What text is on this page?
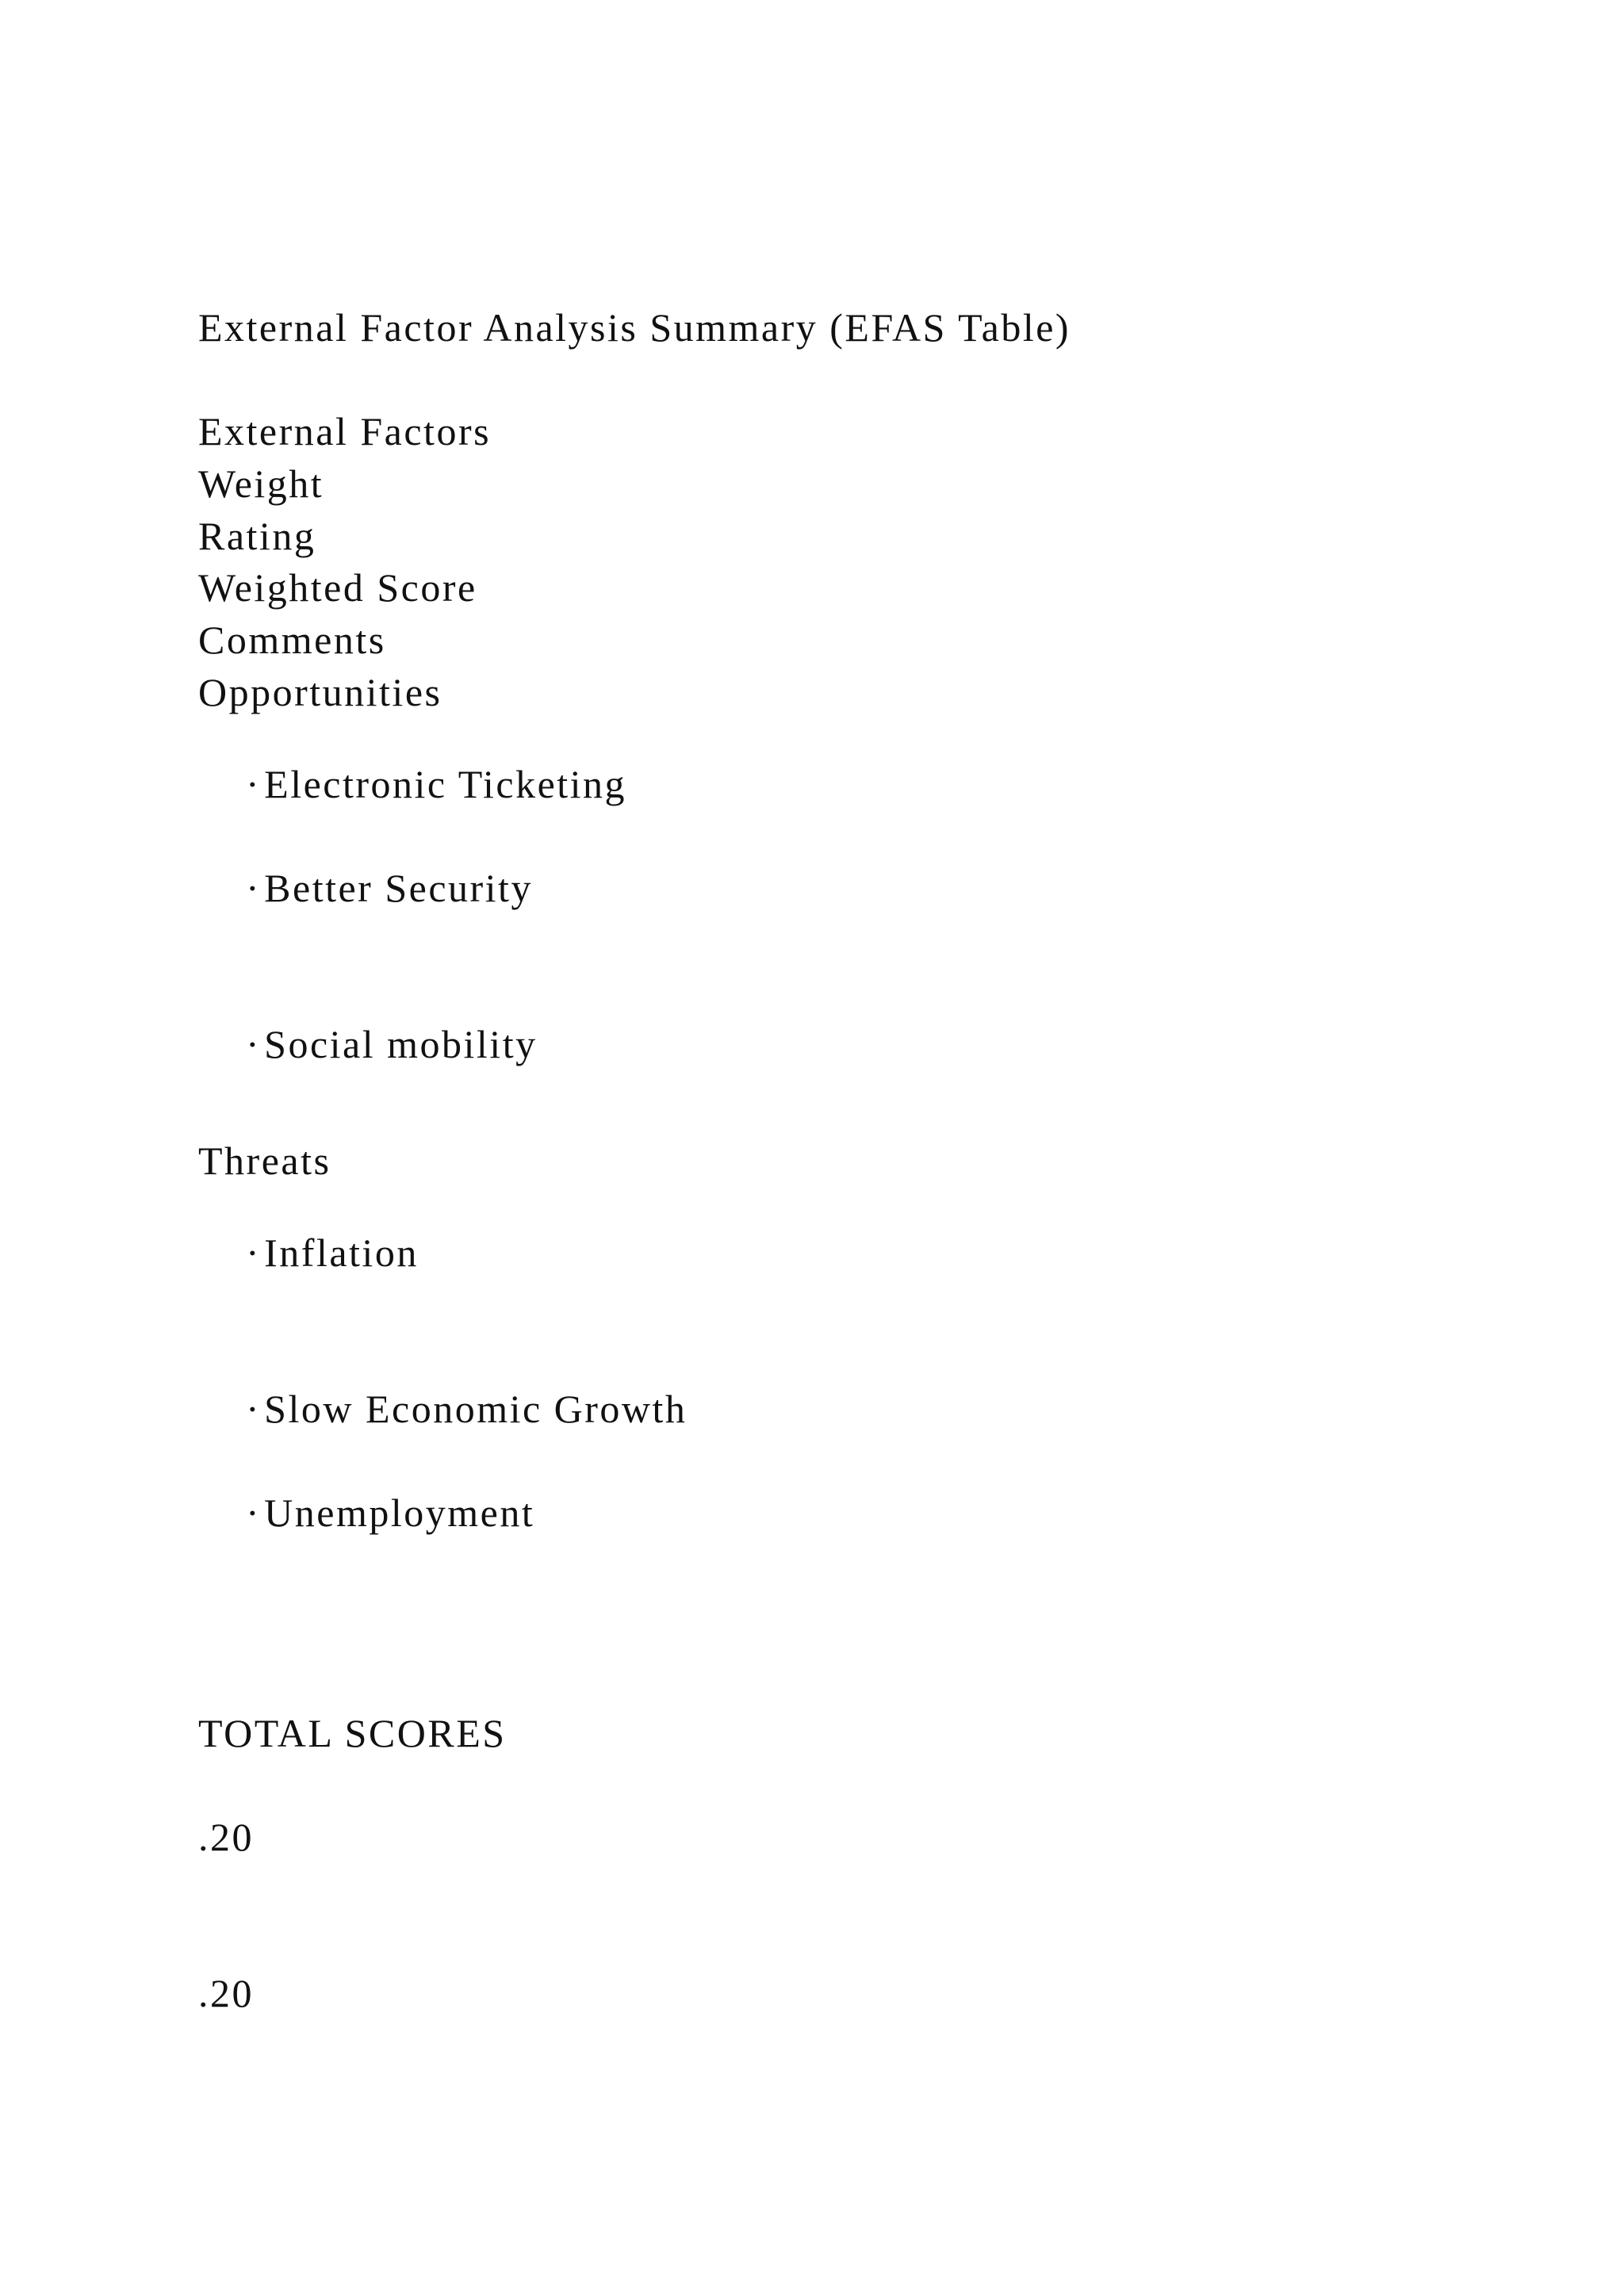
External Factor Analysis Summary (EFAS Table)
External Factors
Weight
Rating
Weighted Score
Comments
Opportunities

·Electronic Ticketing

·Better Security

·Social mobility

Threats

·Inflation

·Slow Economic Growth

·Unemployment

TOTAL SCORES
.20
.20
